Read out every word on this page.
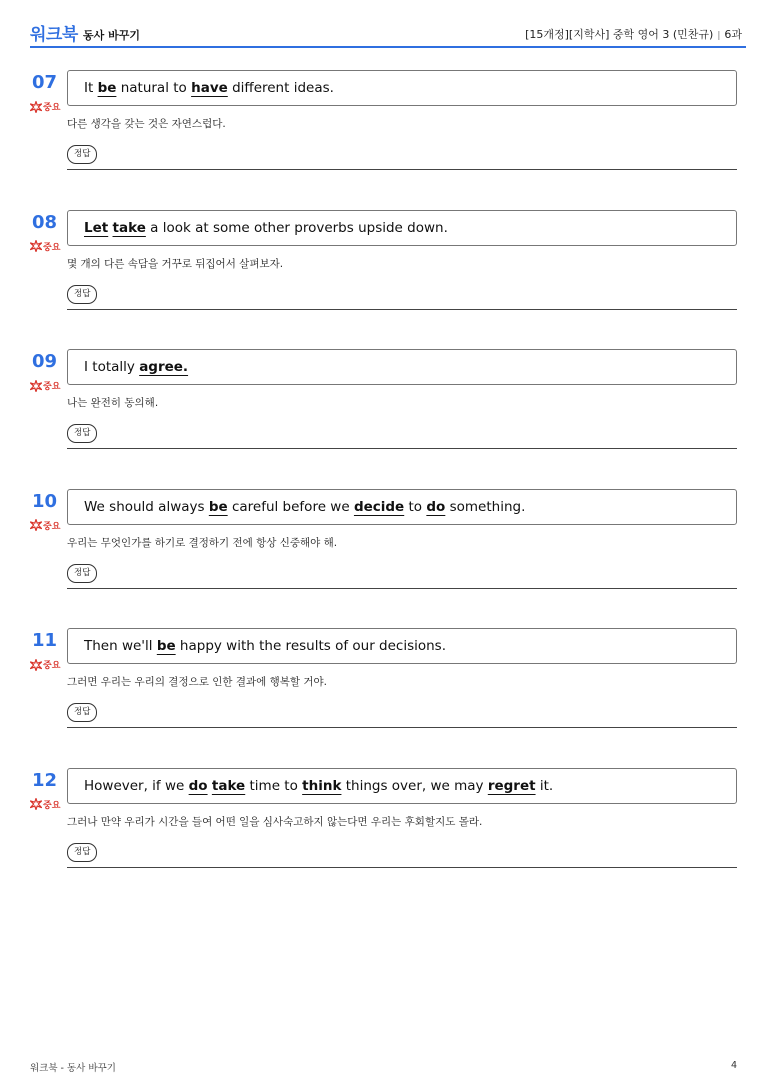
워크북 동사 바꾸기	[15개정][지학사] 중학 영어 3 (민찬규) | 6과
07
중요
It be natural to have different ideas.
다른 생각을 갖는 것은 자연스럽다.
정답
08
중요
Let
take a look at some other proverbs upside down.
몇 개의 다른 속담을 거꾸로 뒤집어서 살펴보자.
정답
09
중요
I totally agree.
나는 완전히 동의해.
정답
10
중요
We should always be careful before we decide to do something.
우리는 무엇인가를 하기로 결정하기 전에 항상 신중해야 해.
정답
11
중요
Then we'll be happy with the results of our decisions.
그러면 우리는 우리의 결정으로 인한 결과에 행복할 거야.
정답
12
중요
However, if we do
take time to think things over, we may regret it.
그러나 만약 우리가 시간을 들여 어떤 일을 심사숙고하지 않는다면 우리는 후회할지도 몰라.
정답
워크북 - 동사 바꾸기	4
